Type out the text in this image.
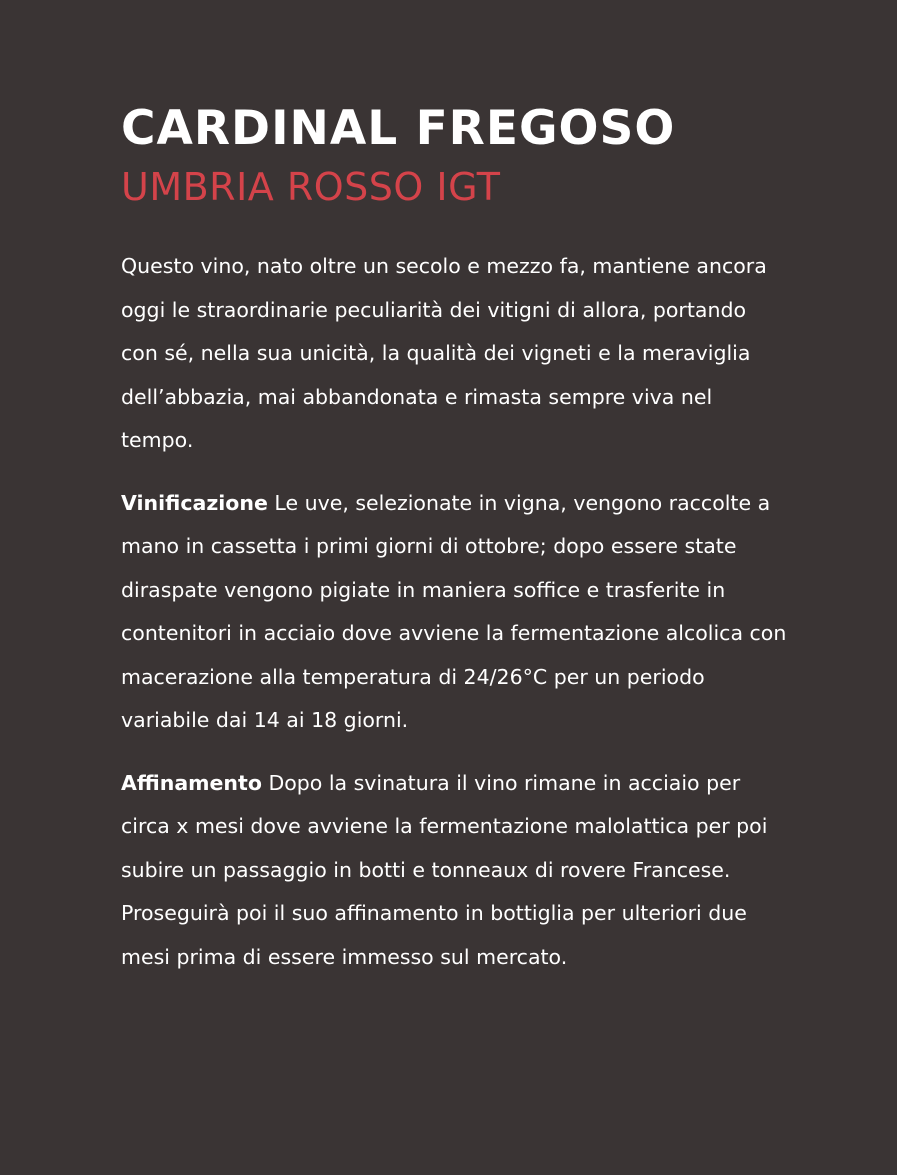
CARDINAL FREGOSO
UMBRIA ROSSO IGT

Questo vino, nato oltre un secolo e mezzo fa, mantiene ancora oggi le straordinarie peculiarità dei vitigni di allora, portando con sé, nella sua unicità, la qualità dei vigneti e la meraviglia dell’abbazia, mai abbandonata e rimasta sempre viva nel tempo.

Vinificazione Le uve, selezionate in vigna, vengono raccolte a mano in cassetta i primi giorni di ottobre; dopo essere state diraspate vengono pigiate in maniera soffice e trasferite in contenitori in acciaio dove avviene la fermentazione alcolica con macerazione alla temperatura di 24/26°C per un periodo variabile dai 14 ai 18 giorni.

Affinamento Dopo la svinatura il vino rimane in acciaio per circa x mesi dove avviene la fermentazione malolattica per poi subire un passaggio in botti e tonneaux di rovere Francese. Proseguirà poi il suo affinamento in bottiglia per ulteriori due mesi prima di essere immesso sul mercato.
